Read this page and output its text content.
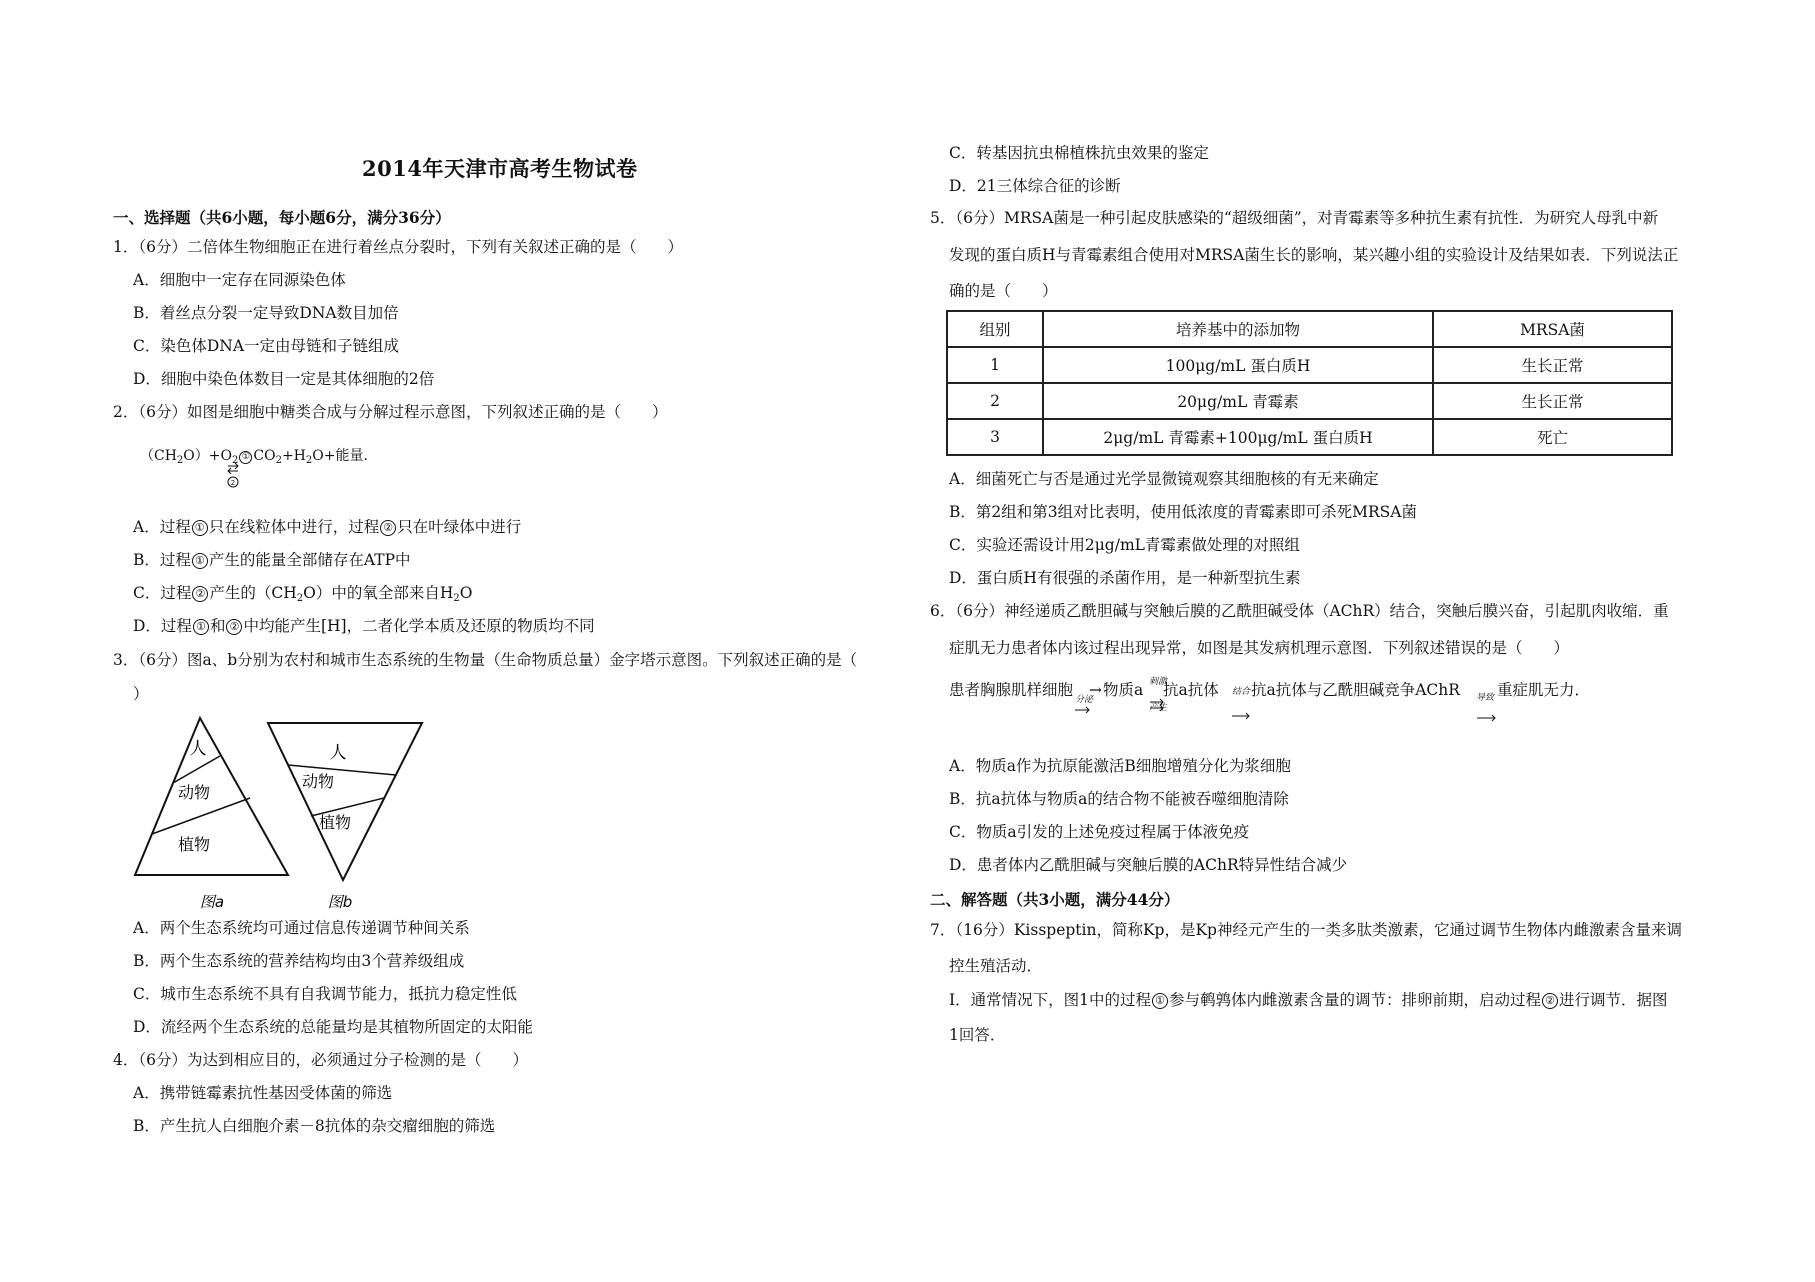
2014年天津市高考生物试卷
一、选择题（共6小题，每小题6分，满分36分）
1．（6分）二倍体生物细胞正在进行着丝点分裂时，下列有关叙述正确的是（　　）
A．细胞中一定存在同源染色体
B．着丝点分裂一定导致DNA数目加倍
C．染色体DNA一定由母链和子链组成
D．细胞中染色体数目一定是其体细胞的2倍
2．（6分）如图是细胞中糖类合成与分解过程示意图，下列叙述正确的是（　　）
$(CH_2O)+O_2$ ① $CO_2+H_2O+$能量．
2
A．过程 ① 只在线粒体中进行，过程 ② 只在叶绿体中进行
B．过程 ① 产生的能量全部储存在ATP中
C．过程 ② 产生的$(CH_2O)$中的氧全部来自$H_2O$
D．过程 ① 和 ② 中均能产生[H]，二者化学本质及还原的物质均不同
3．（6分）图a、b分别为农村和城市生态系统的生物量（生命物质总量）金字塔示意图。下列叙述正确的是（
）
人
动物
植物
人
动物
植物
图a	图b
A．两个生态系统均可通过信息传递调节种间关系
B．两个生态系统的营养结构均由3个营养级组成
C．城市生态系统不具有自我调节能力，抵抗力稳定性低
D．流经两个生态系统的总能量均是其植物所固定的太阳能
4．（6分）为达到相应目的，必须通过分子检测的是（　　）
A．携带链霉素抗性基因受体菌的筛选
B．产生抗人白细胞介素－8抗体的杂交瘤细胞的筛选
C．转基因抗虫棉植株抗虫效果的鉴定
D．21三体综合征的诊断
5．（6分）MRSA菌是一种引起皮肤感染的“超级细菌”，对青霉素等多种抗生素有抗性．为研究人母乳中新
发现的蛋白质H与青霉素组合使用对MRSA菌生长的影响，某兴趣小组的实验设计及结果如表．下列说法正
确的是（　　）
组别	培养基中的添加物	MRSA菌
1	100μg/mL 蛋白质H	生长正常
2	20μg/mL 青霉素	生长正常
3	2μg/mL 青霉素+100μg/mL 蛋白质H	死亡
A．细菌死亡与否是通过光学显微镜观察其细胞核的有无来确定
B．第2组和第3组对比表明，使用低浓度的青霉素即可杀死MRSA菌
C．实验还需设计用2μg/mL青霉素做处理的对照组
D．蛋白质H有很强的杀菌作用，是一种新型抗生素
6．（6分）神经递质乙酰胆碱与突触后膜的乙酰胆碱受体（AChR）结合，突触后膜兴奋，引起肌肉收缩．重
症肌无力患者体内该过程出现异常，如图是其发病机理示意图．下列叙述错误的是（　　）
患者胸腺肌样细胞
分泌
→ 物质a 刺激
产生
抗a抗体 结合 抗a抗体与乙酰胆碱竞争AChR 导致 重症肌无力．
A．物质a作为抗原能激活B细胞增殖分化为浆细胞
B．抗a抗体与物质a的结合物不能被吞噬细胞清除
C．物质a引发的上述免疫过程属于体液免疫
D．患者体内乙酰胆碱与突触后膜的AChR特异性结合减少
二、解答题（共3小题，满分44分）
7．（16分）Kisspeptin，简称Kp，是Kp神经元产生的一类多肽类激素，它通过调节生物体内雌激素含量来调
控生殖活动．
Ⅰ．通常情况下，图1中的过程 ① 参与鹌鹑体内雌激素含量的调节：排卵前期，启动过程 ② 进行调节．据图
1回答．
